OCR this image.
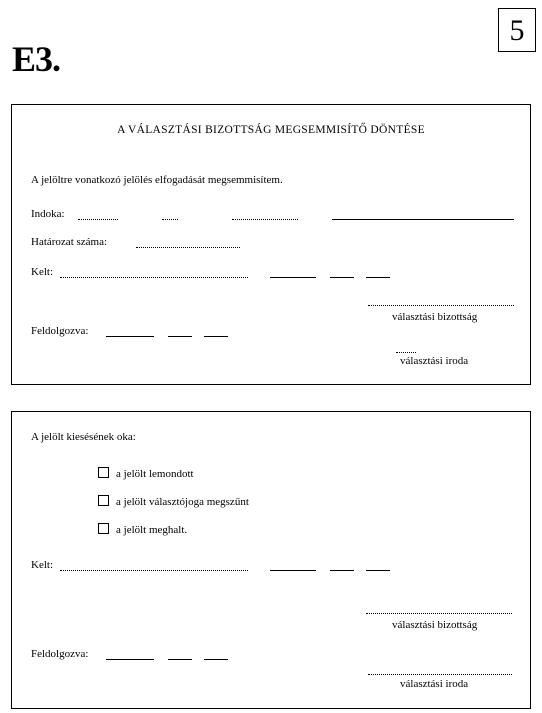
E3.
5
A VÁLASZTÁSI BIZOTTSÁG MEGSEMMISÍTŐ DÖNTÉSE
A jelöltre vonatkozó jelölés elfogadását megsemmisítem.
Indoka:
Határozat száma:
Kelt:
választási bizottság
Feldolgozva:
választási iroda
A jelölt kiesésének oka:
a jelölt lemondott
a jelölt választójoga megszűnt
a jelölt meghalt.
Kelt:
választási bizottság
Feldolgozva:
választási iroda
